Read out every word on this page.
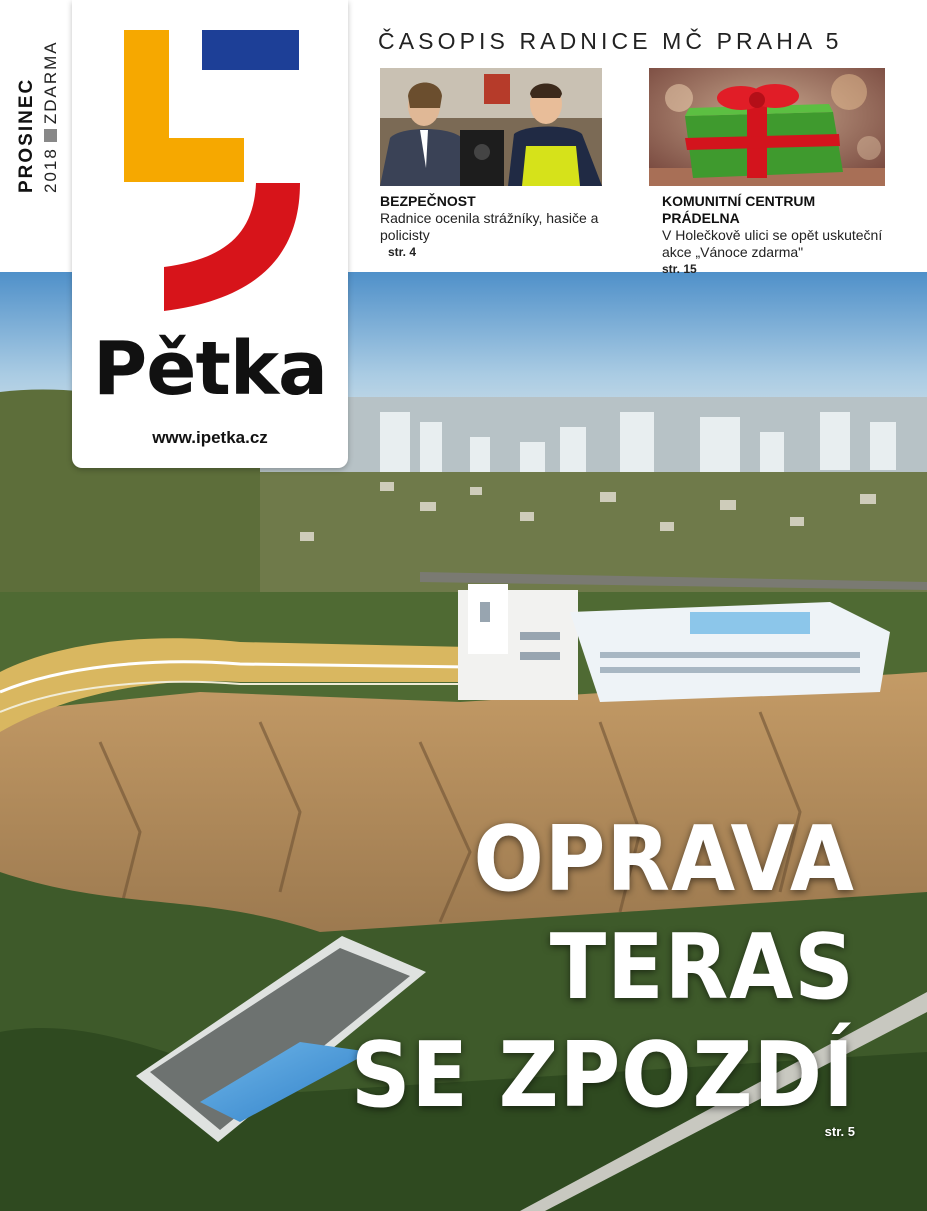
PROSINEC 2018ZDARMA
Pětka
www.ipetka.cz
ČASOPIS RADNICE MČ PRAHA 5
BEZPEČNOST
Radnice ocenila strážníky, hasiče a policisty
str. 4
KOMUNITNÍ CENTRUM PRÁDELNA
V Holečkově ulici se opět uskuteční akce „Vánoce zdarma"
str. 15
OPRAVA
TERAS
SE ZPOZDÍ
str. 5
